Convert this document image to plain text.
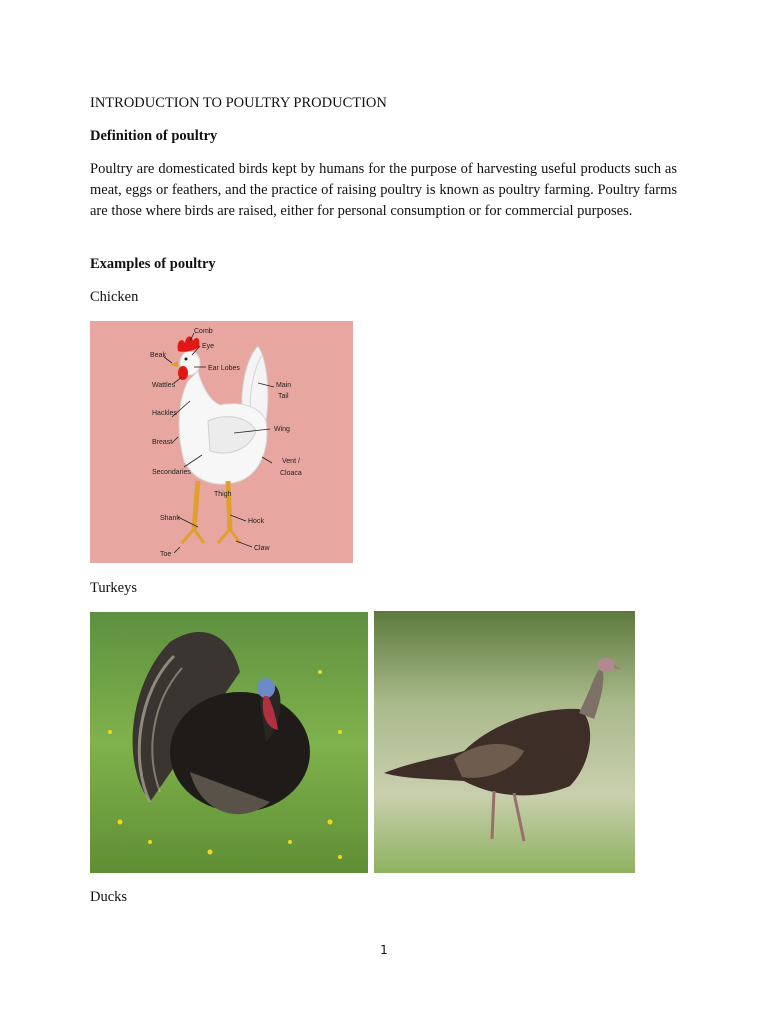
INTRODUCTION TO POULTRY PRODUCTION

Definition of poultry

Poultry are domesticated birds kept by humans for the purpose of harvesting useful products such as meat, eggs or feathers, and the practice of raising poultry is known as poultry farming. Poultry farms are those where birds are raised, either for personal consumption or for commercial purposes.

Examples of poultry

Chicken

Comb
Eye
Beak
Ear Lobes
Wattles	Main
Tail
Hackles
Wing
Breast
Vent /
Cloaca
Secondaries
Thigh
Shank	Hock
Claw
Toe

Turkeys

Ducks

1
